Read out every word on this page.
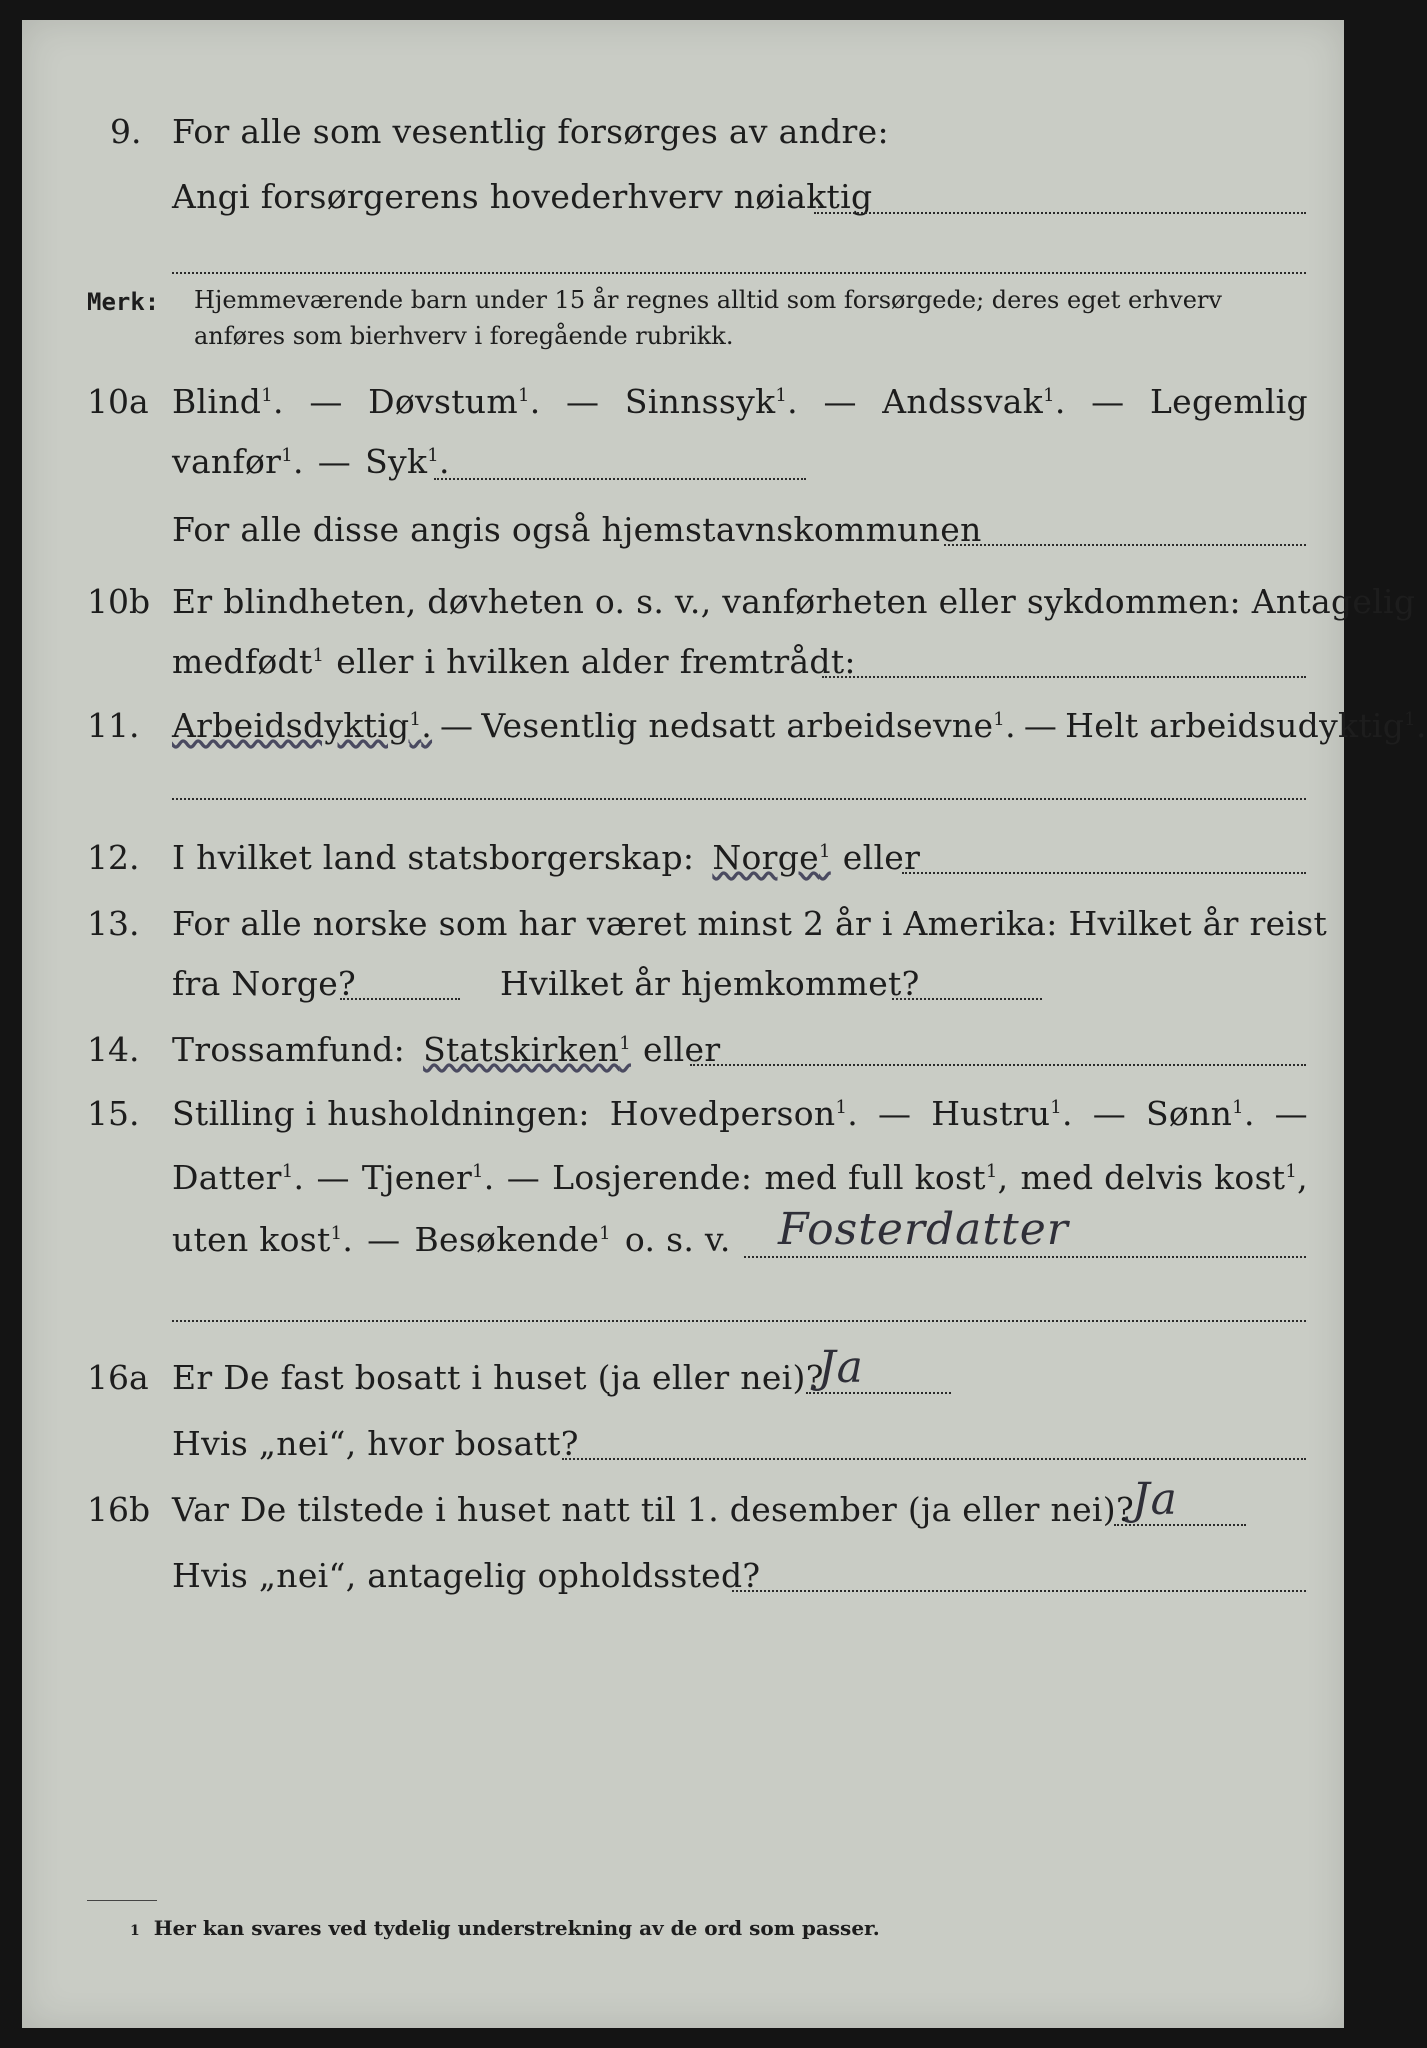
9. For alle som vesentlig forsørges av andre:
Angi forsørgerens hovederhverv nøiaktig
Merk: Hjemmeværende barn under 15 år regnes alltid som forsørgede; deres eget erhverv
anføres som bierhverv i foregående rubrikk.
10a Blind$^1$. — Døvstum$^1$. — Sinnssyk$^1$. — Andssvak$^1$. — Legemlig
vanfør$^1$. — Syk$^1$.
For alle disse angis også hjemstavnskommunen
10b Er blindheten, døvheten o. s. v., vanførheten eller sykdommen: Antagelig
medfødt$^1$ eller i hvilken alder fremtrådt:
11. Arbeidsdyktig$^1$. — Vesentlig nedsatt arbeidsevne$^1$. — Helt arbeidsudyktig$^1$.
12. I hvilket land statsborgerskap: Norge$^1$ eller
13. For alle norske som har været minst 2 år i Amerika: Hvilket år reist
fra Norge?	Hvilket år hjemkommet?
14. Trossamfund: Statskirken$^1$ eller
15. Stilling i husholdningen: Hovedperson$^1$. — Hustru$^1$. — Sønn$^1$. —
Datter$^1$. — Tjener$^1$. — Losjerende: med full kost$^1$, med delvis kost$^1$,
uten kost$^1$. — Besøkende$^1$ o. s. v. Fosterdatter
16a Er De fast bosatt i huset (ja eller nei)?
Ja
Hvis „nei“, hvor bosatt?
16b Var De tilstede i huset natt til 1. desember (ja eller nei)?
Ja
Hvis „nei“, antagelig opholdssted?
1 Her kan svares ved tydelig understrekning av de ord som passer.
